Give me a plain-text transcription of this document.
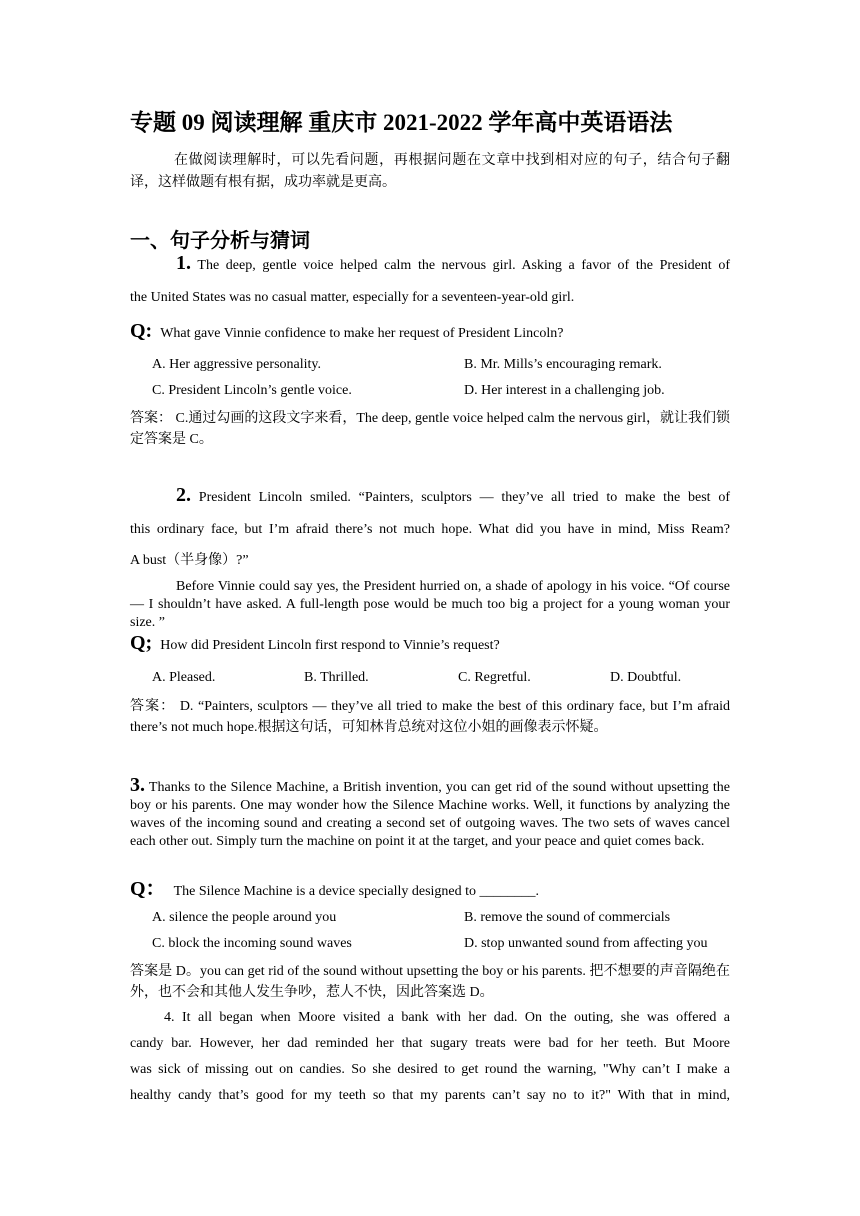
专题 09 阅读理解 重庆市 2021-2022 学年高中英语语法
在做阅读理解时，可以先看问题，再根据问题在文章中找到相对应的句子，结合句子翻译，这样做题有根有据，成功率就是更高。
一、句子分析与猜词
1. The deep, gentle voice helped calm the nervous girl. Asking a favor of the President of
the United States was no casual matter, especially for a seventeen-year-old girl.
Q: What gave Vinnie confidence to make her request of President Lincoln?
A. Her aggressive personality.	B. Mr. Mills’s encouraging remark.
C. President Lincoln’s gentle voice.	D. Her interest in a challenging job.
答案： C.通过勾画的这段文字来看，The deep, gentle voice helped calm the nervous girl，就让我们锁定答案是 C。
2. President Lincoln smiled. “Painters, sculptors — they’ve all tried to make the best of
this ordinary face, but I’m afraid there’s not much hope. What did you have in mind, Miss Ream?
A bust（半身像）?”
Before Vinnie could say yes, the President hurried on, a shade of apology in his voice. “Of course — I shouldn’t have asked. A full-length pose would be much too big a project for a young woman your size. ”
Q; How did President Lincoln first respond to Vinnie’s request?
A. Pleased.	B. Thrilled.	C. Regretful.	D. Doubtful.
答案： D. “Painters, sculptors — they’ve all tried to make the best of this ordinary face, but I’m afraid there’s not much hope.根据这句话，可知林肯总统对这位小姐的画像表示怀疑。
3. Thanks to the Silence Machine, a British invention, you can get rid of the sound without upsetting the boy or his parents. One may wonder how the Silence Machine works. Well, it functions by analyzing the waves of the incoming sound and creating a second set of outgoing waves. The two sets of waves cancel each other out. Simply turn the machine on point it at the target, and your peace and quiet comes back.
Q： The Silence Machine is a device specially designed to ________.
A. silence the people around you	B. remove the sound of commercials
C. block the incoming sound waves	D. stop unwanted sound from affecting you
答案是 D。you can get rid of the sound without upsetting the boy or his parents. 把不想要的声音隔绝在外，也不会和其他人发生争吵，惹人不快，因此答案选 D。
4. It all began when Moore visited a bank with her dad. On the outing, she was offered a
candy bar. However, her dad reminded her that sugary treats were bad for her teeth. But Moore
was sick of missing out on candies. So she desired to get round the warning, "Why can’t I make a
healthy candy that’s good for my teeth so that my parents can’t say no to it?" With that in mind,
